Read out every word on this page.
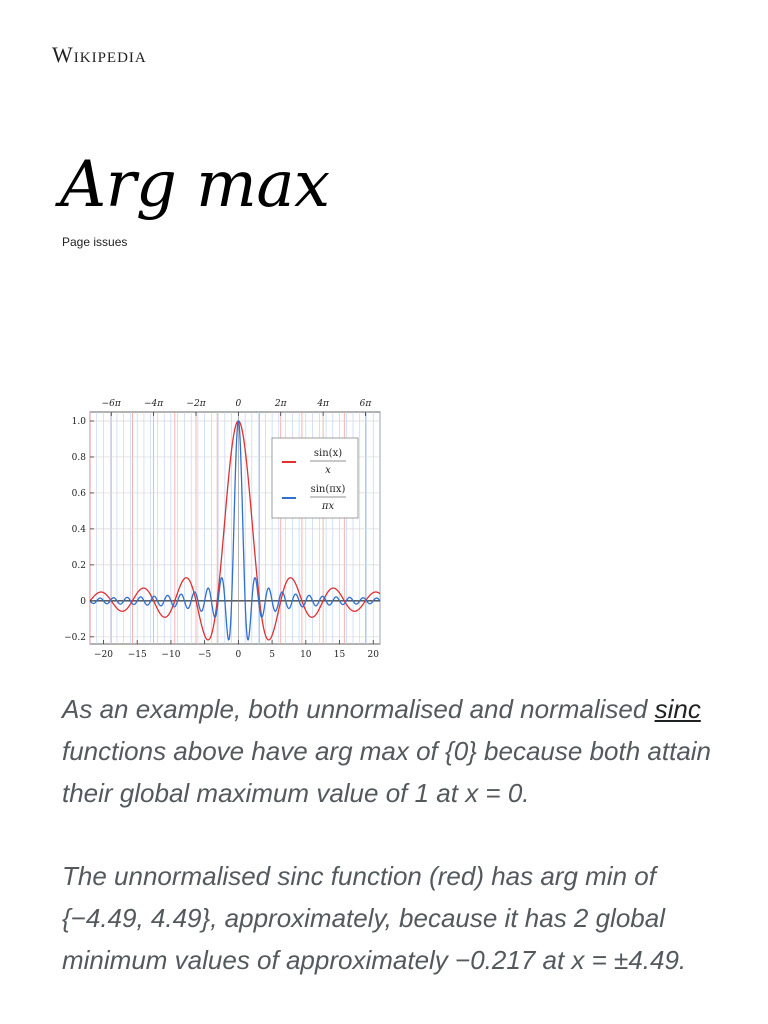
Wikipedia
Arg max
Page issues
−0.2
0
0.2
0.4
0.6
0.8
1.0
−20 −15 −10 −5	0	5	10 15 20
−6π	−4π	−2π	0	2π	4π	6π
sin(x)
x
sin(πx)
πx

As an example, both unnormalised and normalised sinc functions above have arg max of {0} because both attain their global maximum value of 1 at x = 0.

The unnormalised sinc function (red) has arg min of {−4.49, 4.49}, approximately, because it has 2 global minimum values of approximately −0.217 at x = ±4.49.
